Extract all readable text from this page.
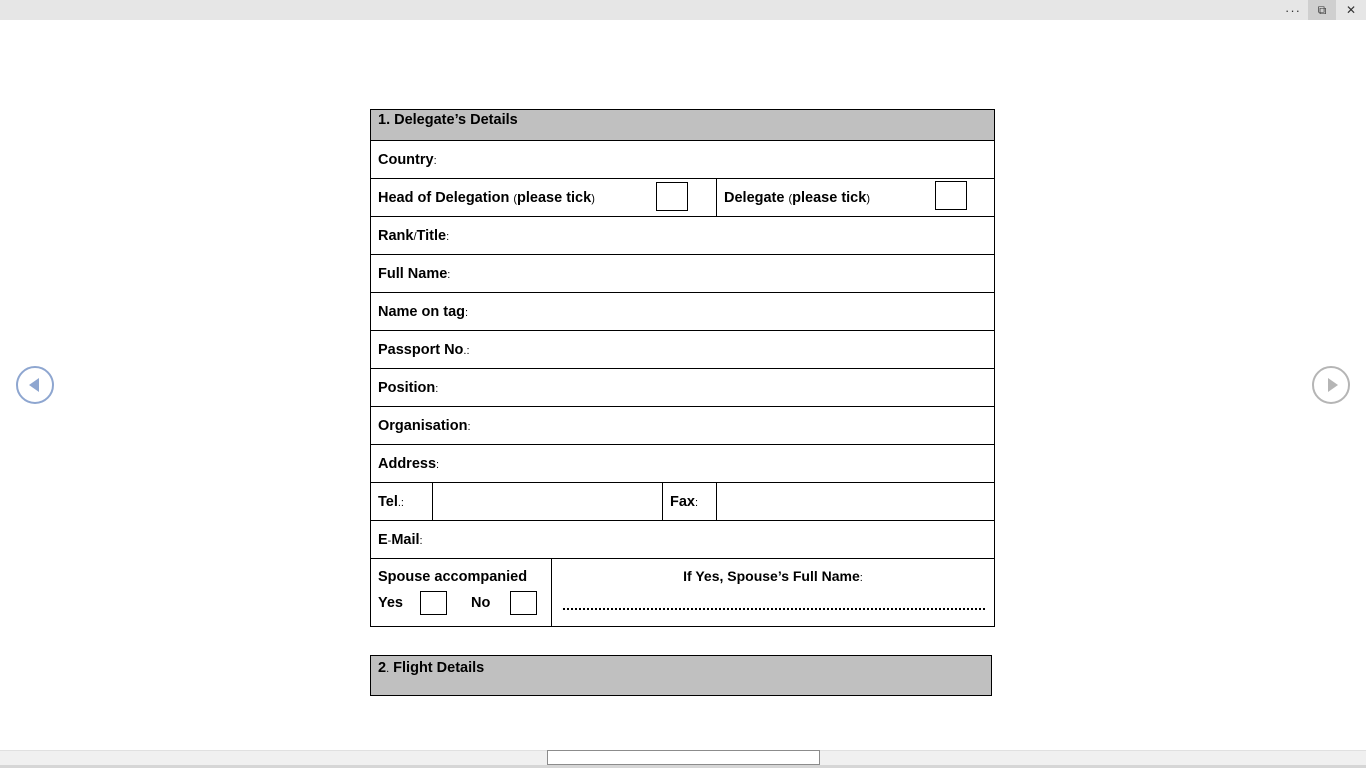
···	⧉	✕
1. Delegate’s Details
Country:
Head of Delegation (please tick)	Delegate (please tick)
Rank/Title:
Full Name:
Name on tag:
Passport No.:
Position:
Organisation:
Address:
Tel.:	Fax:
E-Mail:
Spouse accompanied
Yes	No
If Yes, Spouse’s Full Name:
2. Flight Details
